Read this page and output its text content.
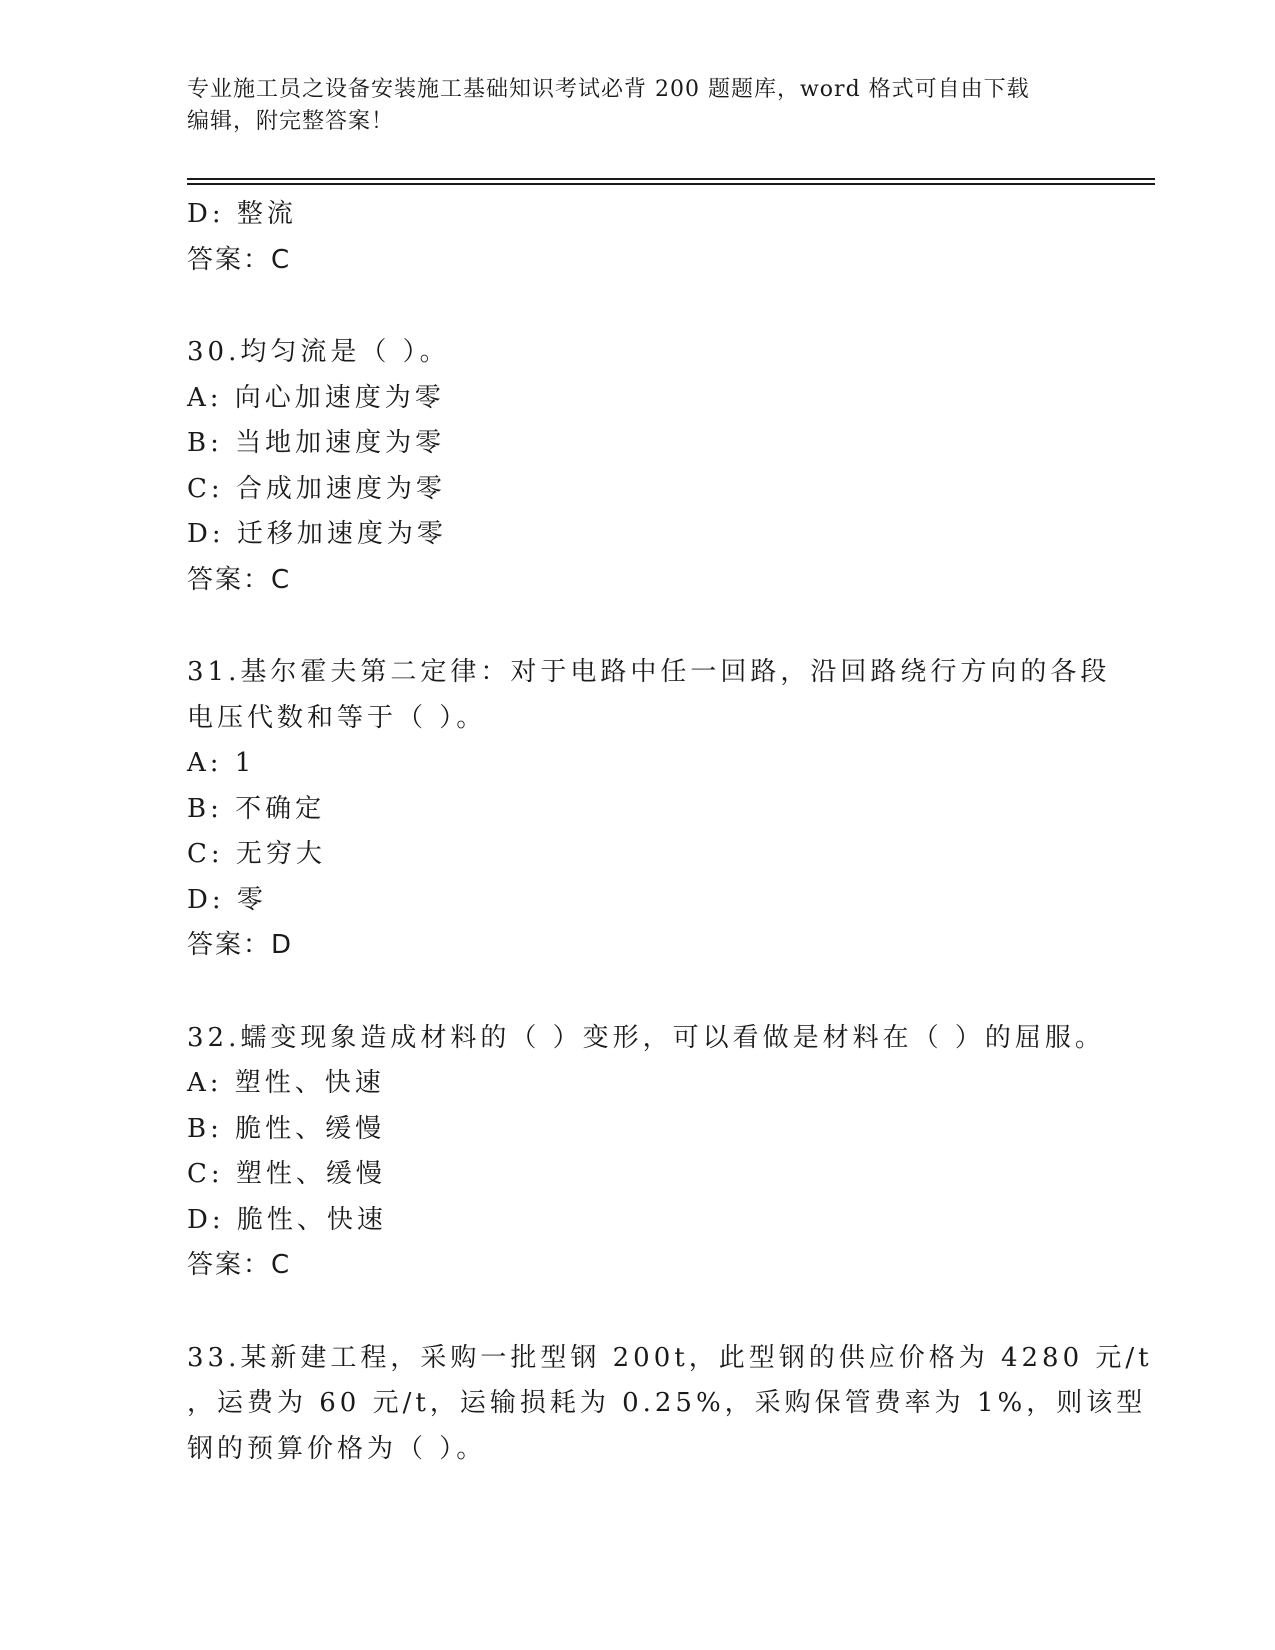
专业施工员之设备安装施工基础知识考试必背 200 题题库，word 格式可自由下载
编辑，附完整答案！
D: 整流
答案：C
30.均匀流是（ ）。
A: 向心加速度为零
B: 当地加速度为零
C: 合成加速度为零
D: 迁移加速度为零
答案：C
31.基尔霍夫第二定律：对于电路中任一回路，沿回路绕行方向的各段
电压代数和等于（ ）。
A: 1
B: 不确定
C: 无穷大
D: 零
答案：D
32.蠕变现象造成材料的（ ）变形，可以看做是材料在（ ）的屈服。
A: 塑性、快速
B: 脆性、缓慢
C: 塑性、缓慢
D: 脆性、快速
答案：C
33.某新建工程，采购一批型钢 200t，此型钢的供应价格为 4280 元/t
，运费为 60 元/t，运输损耗为 0.25%，采购保管费率为 1%，则该型
钢的预算价格为（ ）。
